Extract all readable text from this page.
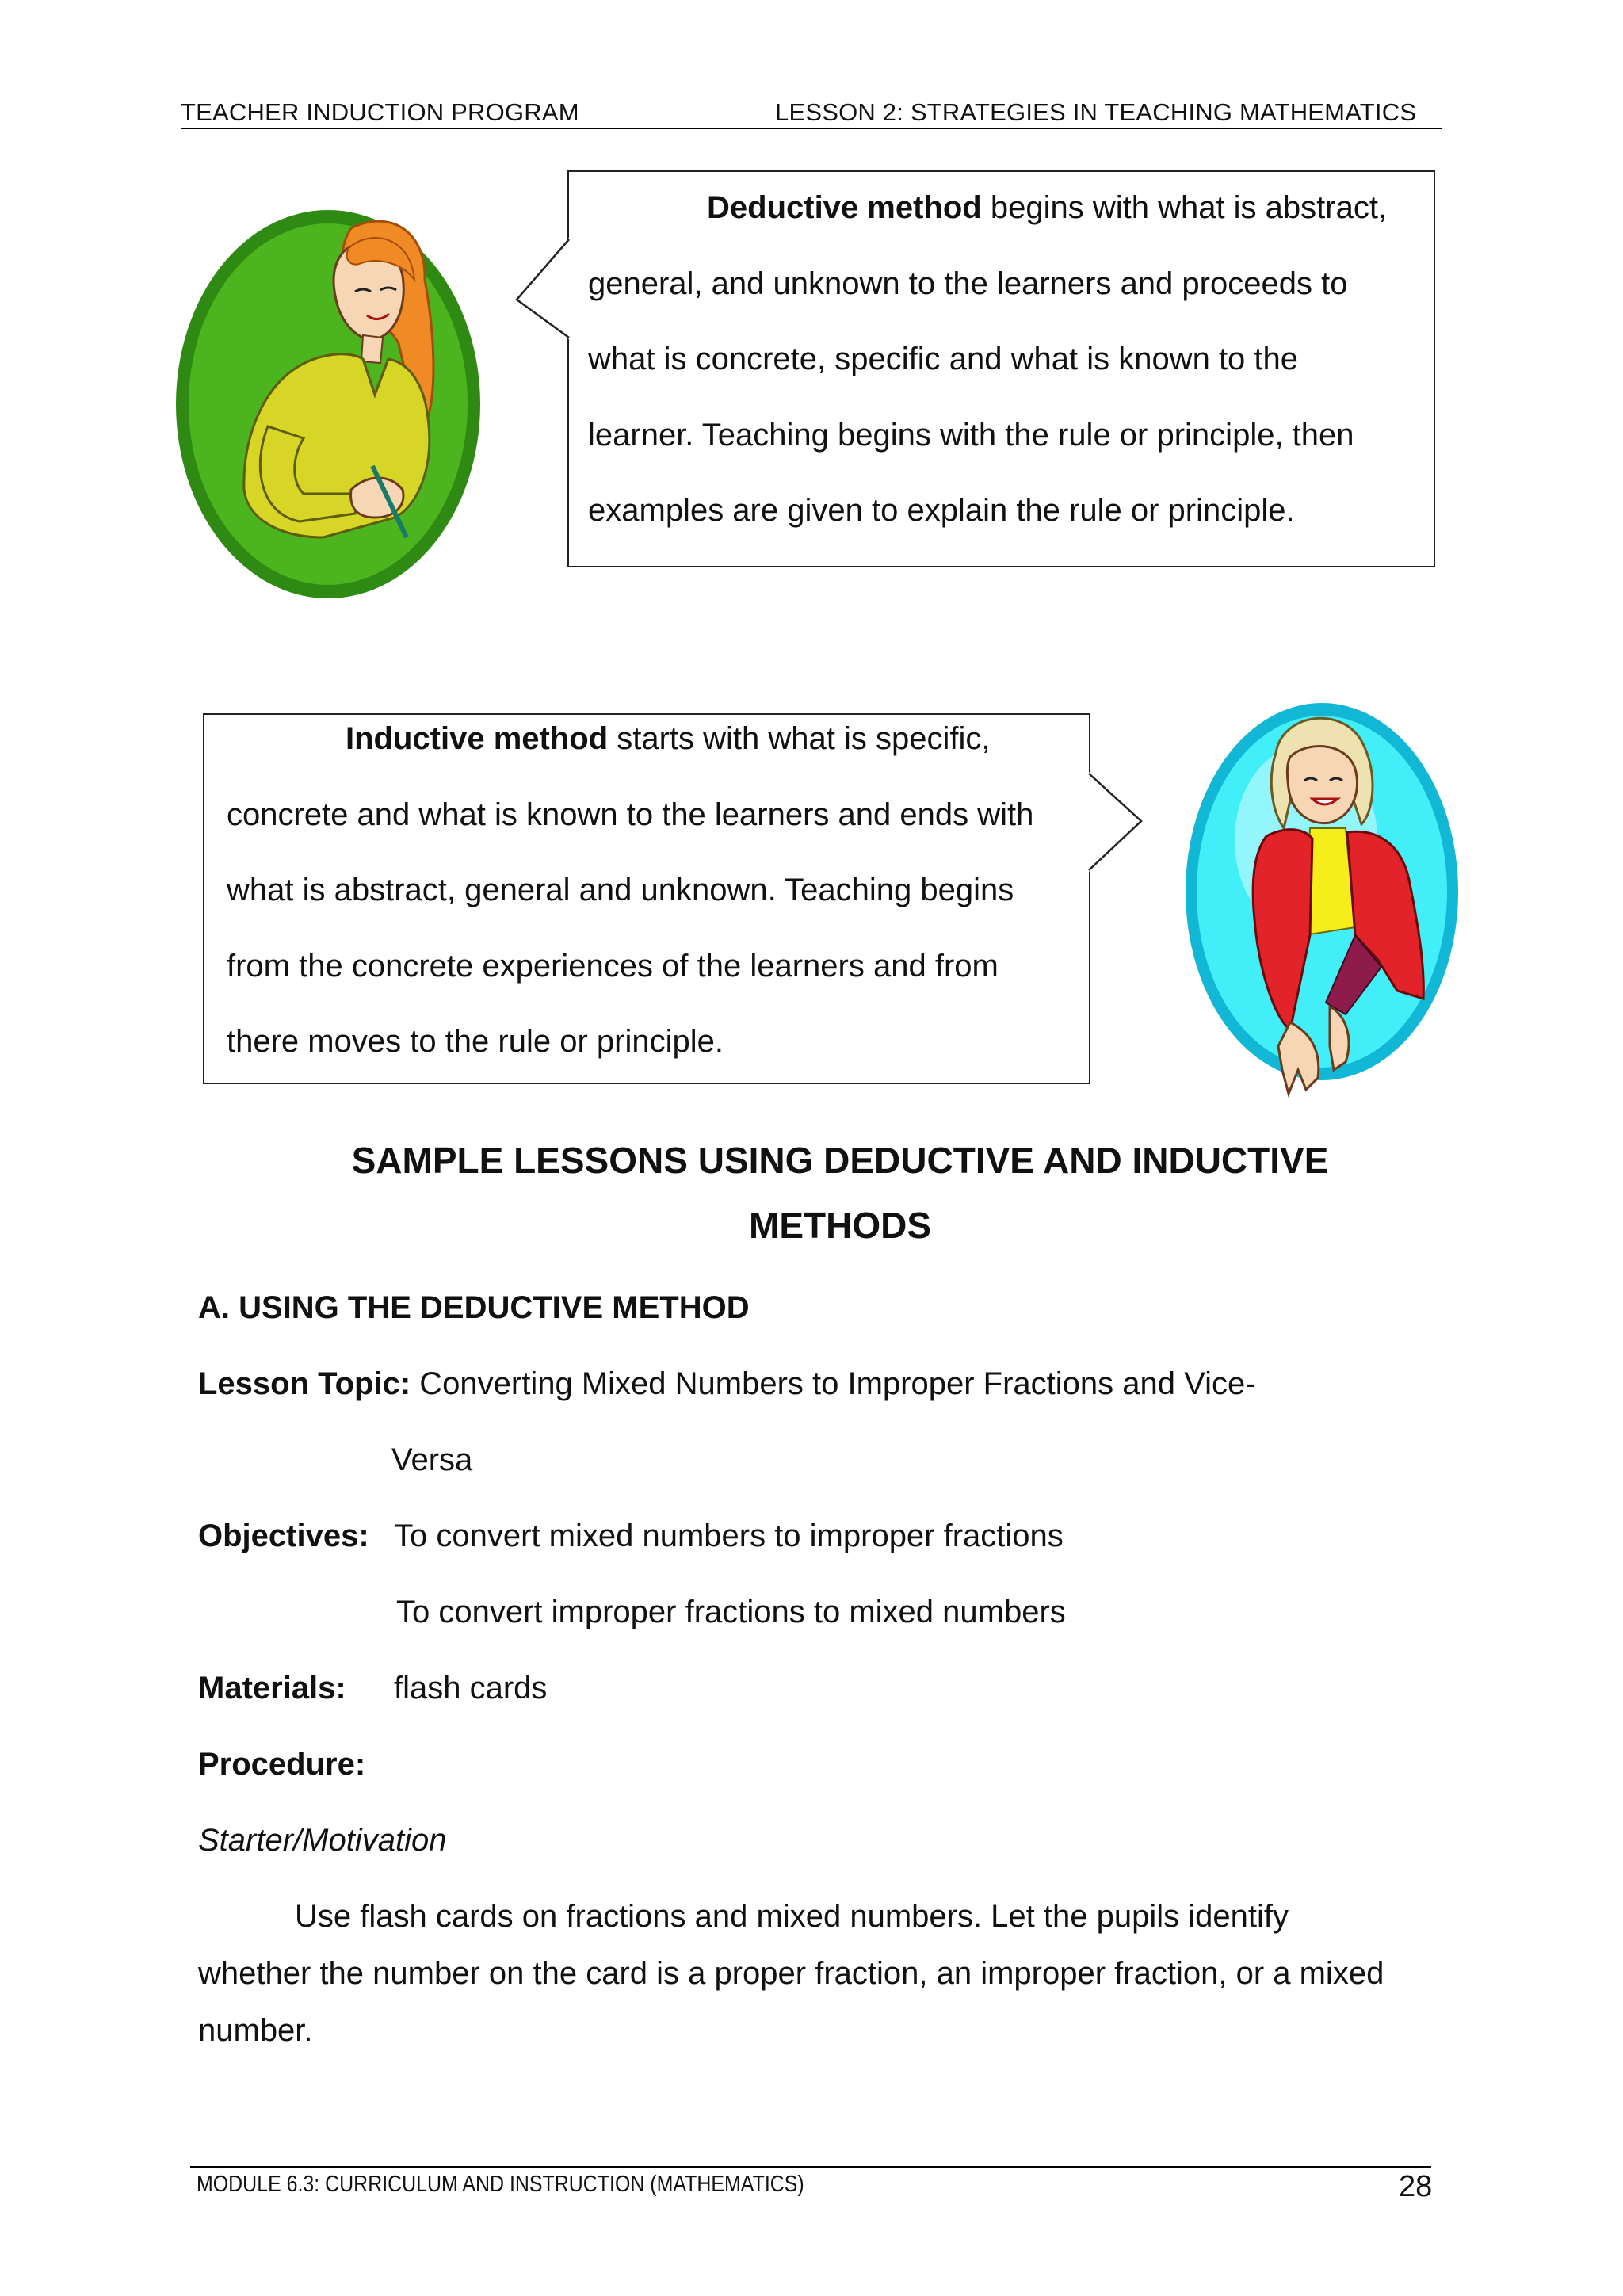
TEACHER INDUCTION PROGRAM	LESSON 2: STRATEGIES IN TEACHING MATHEMATICS

Deductive method begins with what is abstract,

general, and unknown to the learners and proceeds to

what is concrete, specific and what is known to the

learner. Teaching begins with the rule or principle, then

examples are given to explain the rule or principle.

Inductive method starts with what is specific,

concrete and what is known to the learners and ends with

what is abstract, general and unknown. Teaching begins

from the concrete experiences of the learners and from

there moves to the rule or principle.

SAMPLE LESSONS USING DEDUCTIVE AND INDUCTIVE
METHODS
A. USING THE DEDUCTIVE METHOD
Lesson Topic: Converting Mixed Numbers to Improper Fractions and Vice-
Versa
Objectives: To convert mixed numbers to improper fractions
To convert improper fractions to mixed numbers
Materials: flash cards
Procedure:
Starter/Motivation
Use flash cards on fractions and mixed numbers. Let the pupils identify
whether the number on the card is a proper fraction, an improper fraction, or a mixed
number.
MODULE 6.3: CURRICULUM AND INSTRUCTION (MATHEMATICS)	28
